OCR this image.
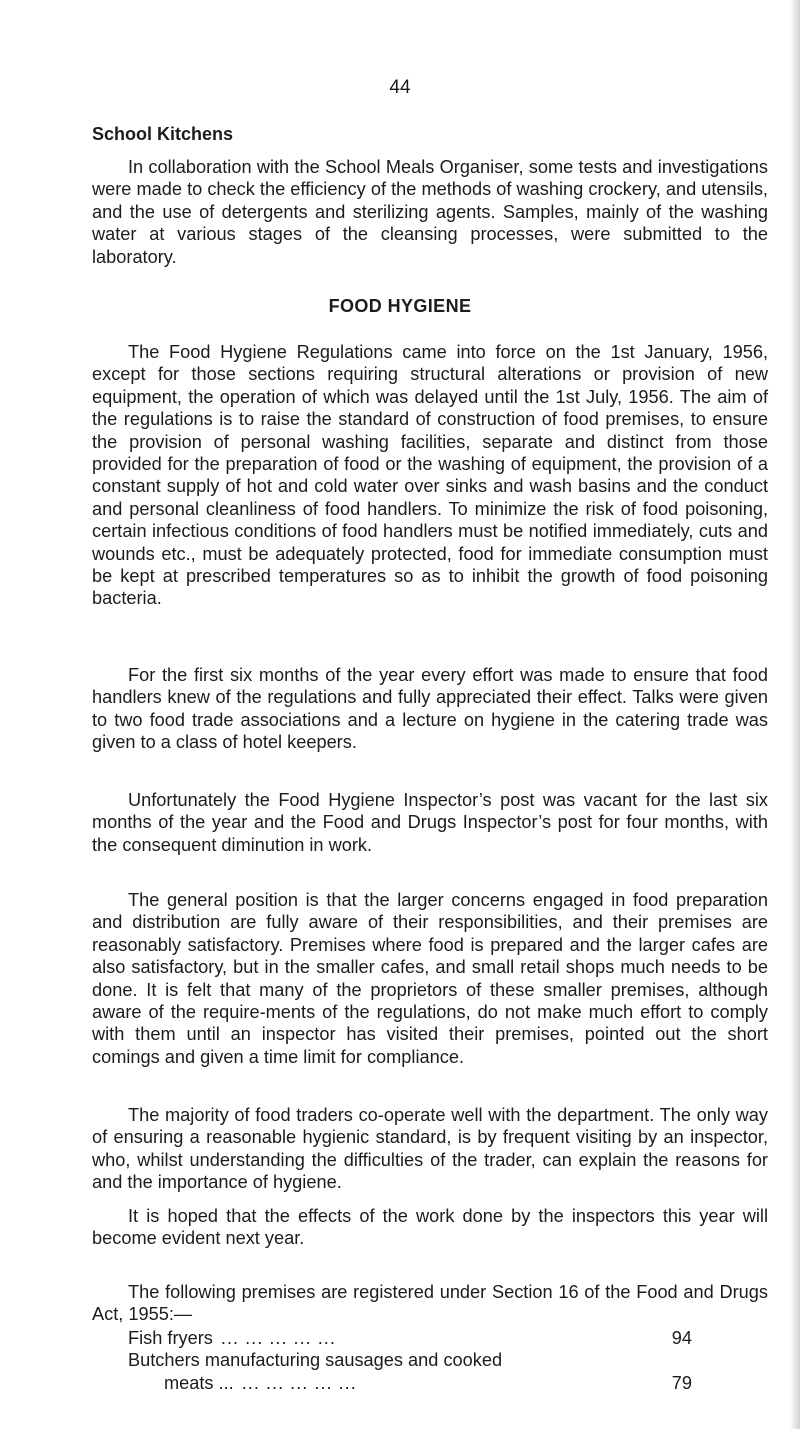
44
School Kitchens

In collaboration with the School Meals Organiser, some tests and investigations were made to check the efficiency of the methods of washing crockery, and utensils, and the use of detergents and sterilizing agents. Samples, mainly of the washing water at various stages of the cleansing processes, were submitted to the laboratory.

FOOD HYGIENE

The Food Hygiene Regulations came into force on the 1st January, 1956, except for those sections requiring structural alterations or provision of new equipment, the operation of which was delayed until the 1st July, 1956. The aim of the regulations is to raise the standard of construction of food premises, to ensure the provision of personal washing facilities, separate and distinct from those provided for the preparation of food or the washing of equipment, the provision of a constant supply of hot and cold water over sinks and wash basins and the conduct and personal cleanliness of food handlers. To minimize the risk of food poisoning, certain infectious conditions of food handlers must be notified immediately, cuts and wounds etc., must be adequately protected, food for immediate consumption must be kept at prescribed temperatures so as to inhibit the growth of food poisoning bacteria.

For the first six months of the year every effort was made to ensure that food handlers knew of the regulations and fully appreciated their effect. Talks were given to two food trade associations and a lecture on hygiene in the catering trade was given to a class of hotel keepers.

Unfortunately the Food Hygiene Inspector’s post was vacant for the last six months of the year and the Food and Drugs Inspector’s post for four months, with the consequent diminution in work.

The general position is that the larger concerns engaged in food preparation and distribution are fully aware of their responsibilities, and their premises are reasonably satisfactory. Premises where food is prepared and the larger cafes are also satisfactory, but in the smaller cafes, and small retail shops much needs to be done. It is felt that many of the proprietors of these smaller premises, although aware of the require-ments of the regulations, do not make much effort to comply with them until an inspector has visited their premises, pointed out the short comings and given a time limit for compliance.

The majority of food traders co-operate well with the department. The only way of ensuring a reasonable hygienic standard, is by frequent visiting by an inspector, who, whilst understanding the difficulties of the trader, can explain the reasons for and the importance of hygiene.

It is hoped that the effects of the work done by the inspectors this year will become evident next year.

The following premises are registered under Section 16 of the Food and Drugs Act, 1955:—

Fish fryers ... ... ... ... ...	94
Butchers manufacturing sausages and cooked
meats ... ... ... ... ... ...	79
